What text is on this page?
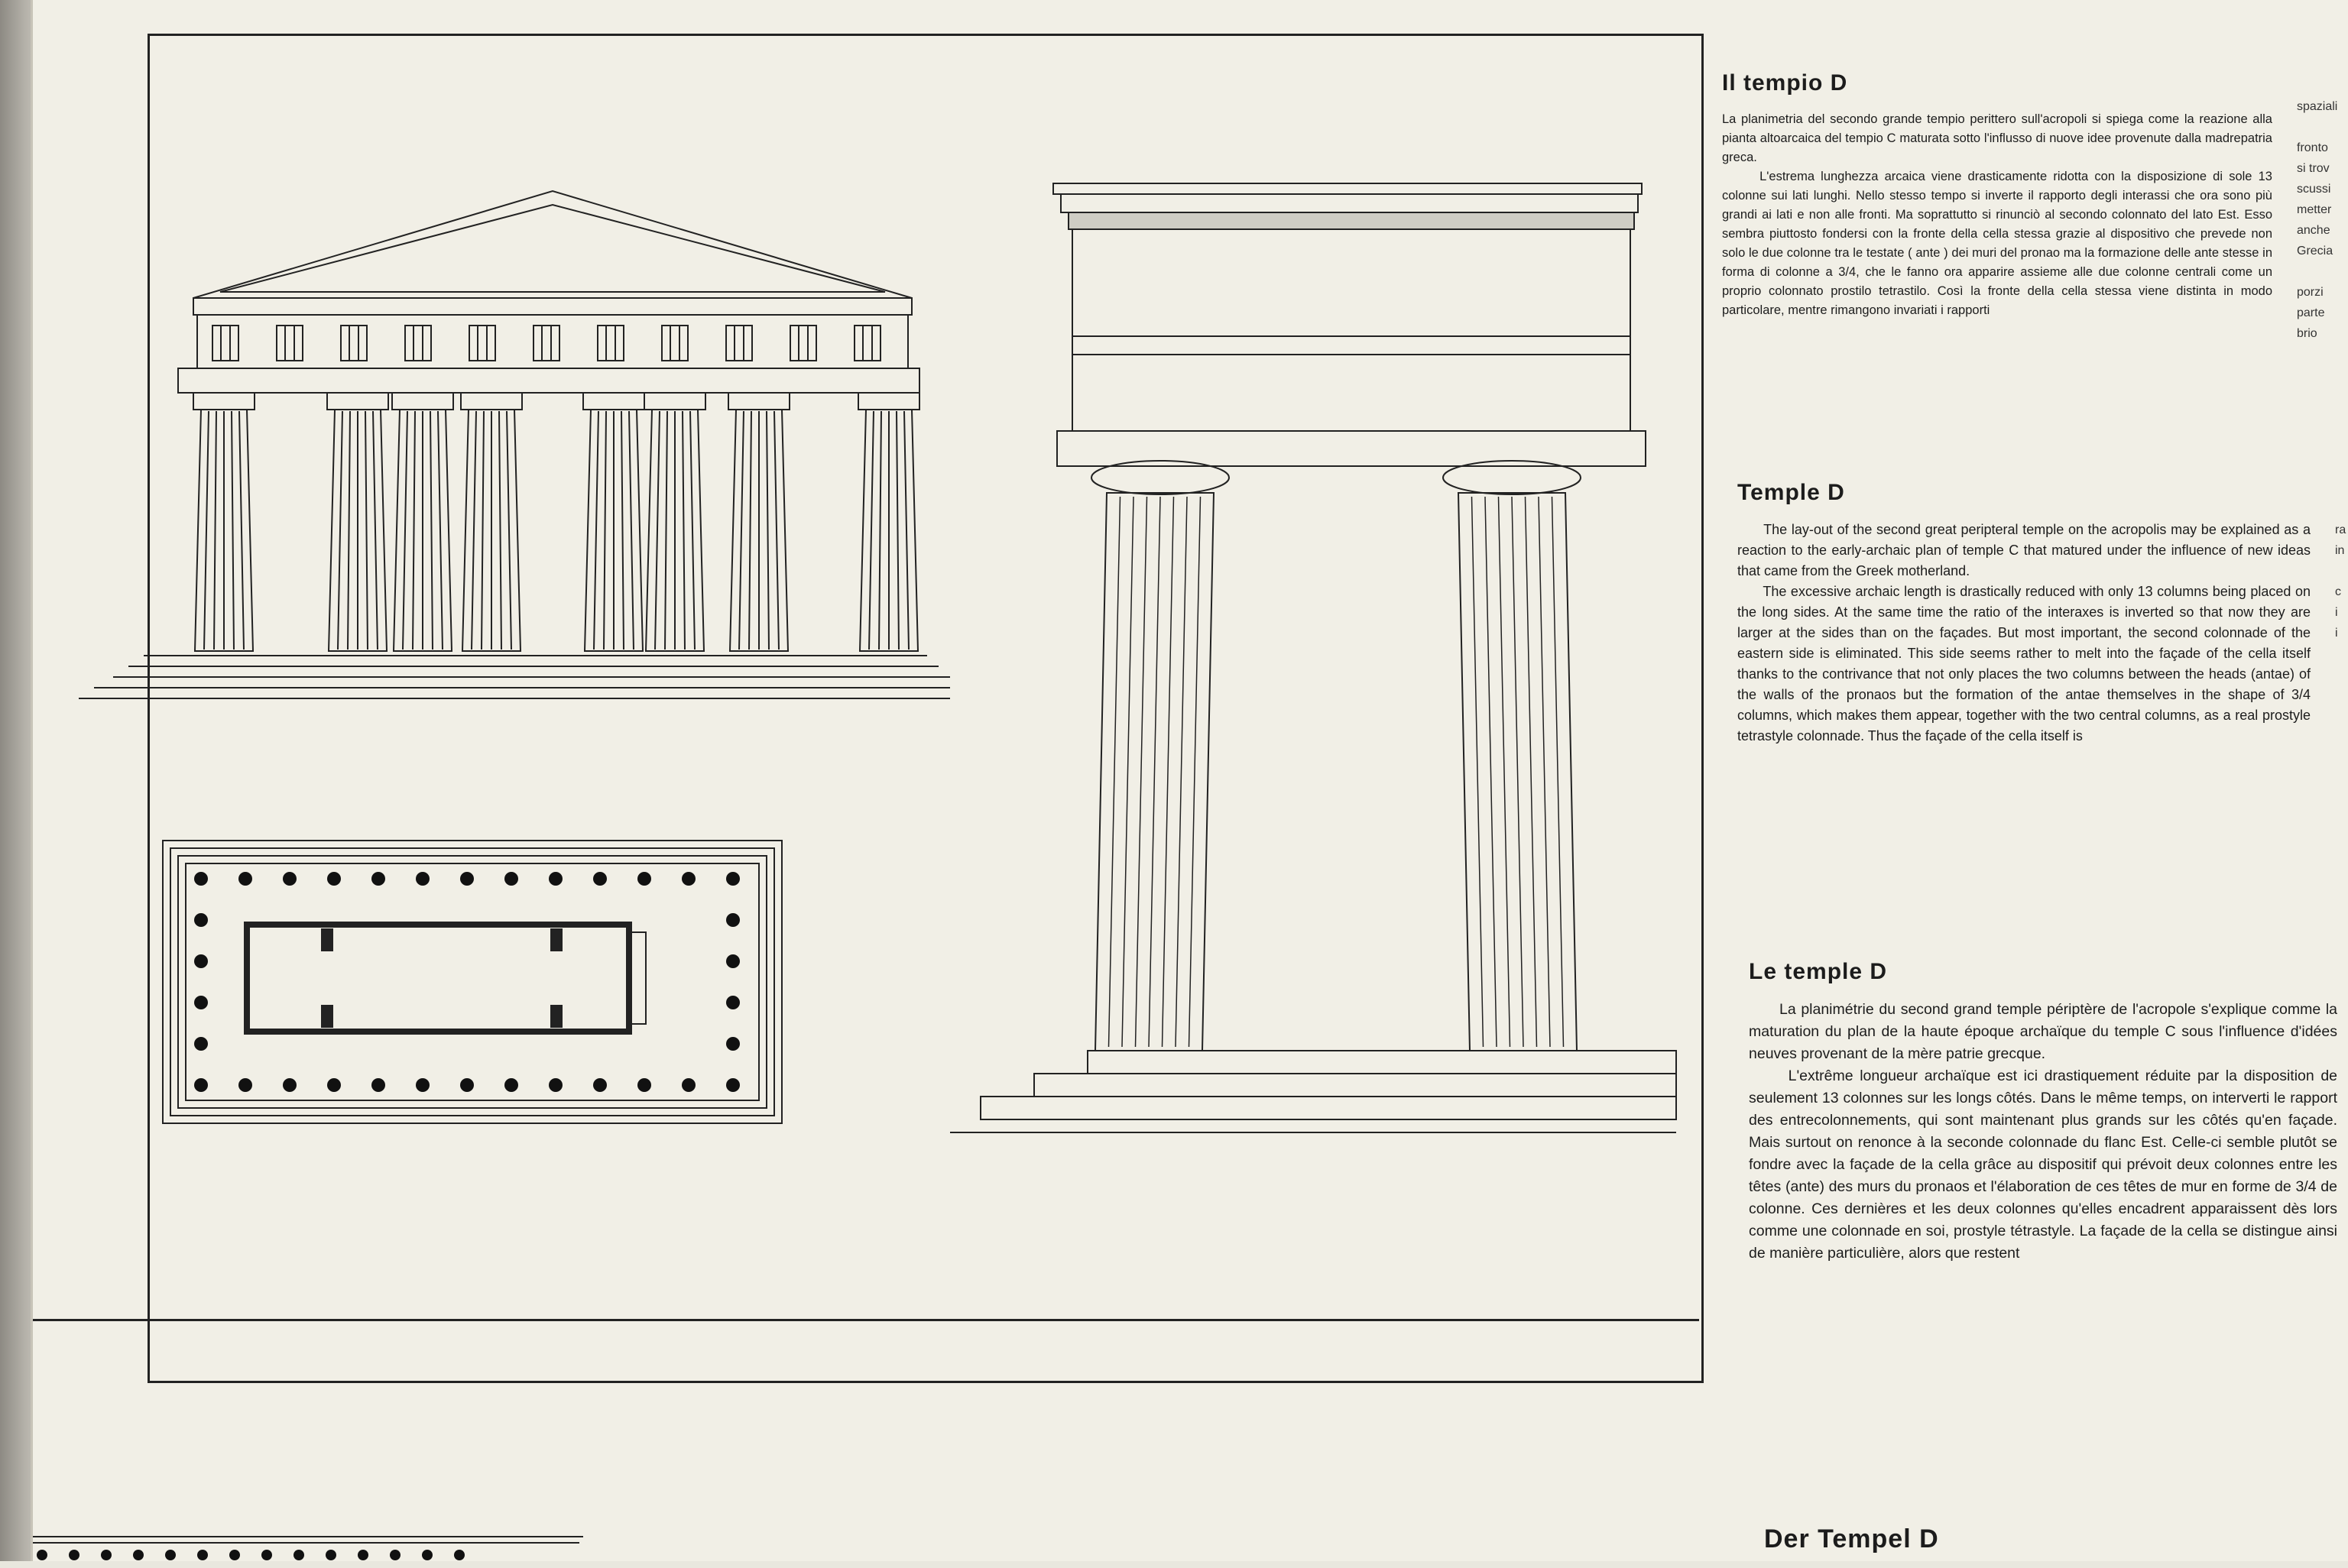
Il tempio D

La planimetria del secondo grande tempio perittero sull'acropoli si spiega come la reazione alla pianta altoarcaica del tempio C maturata sotto l'influsso di nuove idee provenute dalla madrepatria greca.
L'estrema lunghezza arcaica viene drasticamente ridotta con la disposizione di sole 13 colonne sui lati lunghi. Nello stesso tempo si inverte il rapporto degli interassi che ora sono più grandi ai lati e non alle fronti. Ma soprattutto si rinunciò al secondo colonnato del lato Est. Esso sembra piuttosto fondersi con la fronte della cella stessa grazie al dispositivo che prevede non solo le due colonne tra le testate ( ante ) dei muri del pronao ma la formazione delle ante stesse in forma di colonne a 3/4, che le fanno ora apparire assieme alle due colonne centrali come un proprio colonnato prostilo tetrastilo. Così la fronte della cella stessa viene distinta in modo particolare, mentre rimangono invariati i rapporti

Temple D

The lay-out of the second great peripteral temple on the acropolis may be explained as a reaction to the early-archaic plan of temple C that matured under the influence of new ideas that came from the Greek motherland.
The excessive archaic length is drastically reduced with only 13 columns being placed on the long sides. At the same time the ratio of the interaxes is inverted so that now they are larger at the sides than on the façades. But most important, the second colonnade of the eastern side is eliminated. This side seems rather to melt into the façade of the cella itself thanks to the contrivance that not only places the two columns between the heads (antae) of the walls of the pronaos but the formation of the antae themselves in the shape of 3/4 columns, which makes them appear, together with the two central columns, as a real prostyle tetrastyle colonnade. Thus the façade of the cella itself is

Le temple D

La planimétrie du second grand temple périptère de l'acropole s'explique comme la maturation du plan de la haute époque archaïque du temple C sous l'influence d'idées neuves provenant de la mère patrie grecque.
L'extrême longueur archaïque est ici drastiquement réduite par la disposition de seulement 13 colonnes sur les longs côtés. Dans le même temps, on interverti le rapport des entrecolonnements, qui sont maintenant plus grands sur les côtés qu'en façade. Mais surtout on renonce à la seconde colonnade du flanc Est. Celle-ci semble plutôt se fondre avec la façade de la cella grâce au dispositif qui prévoit deux colonnes entre les têtes (ante) des murs du pronaos et l'élaboration de ces têtes de mur en forme de 3/4 de colonne. Ces dernières et les deux colonnes qu'elles encadrent apparaissent dès lors comme une colonnade en soi, prostyle tétrastyle. La façade de la cella se distingue ainsi de manière particulière, alors que restent

Der Tempel D
spaziali

fronto
si trov
scussi
metter
anche
Grecia

porzi
parte
brio
ra
in

c
i
i
